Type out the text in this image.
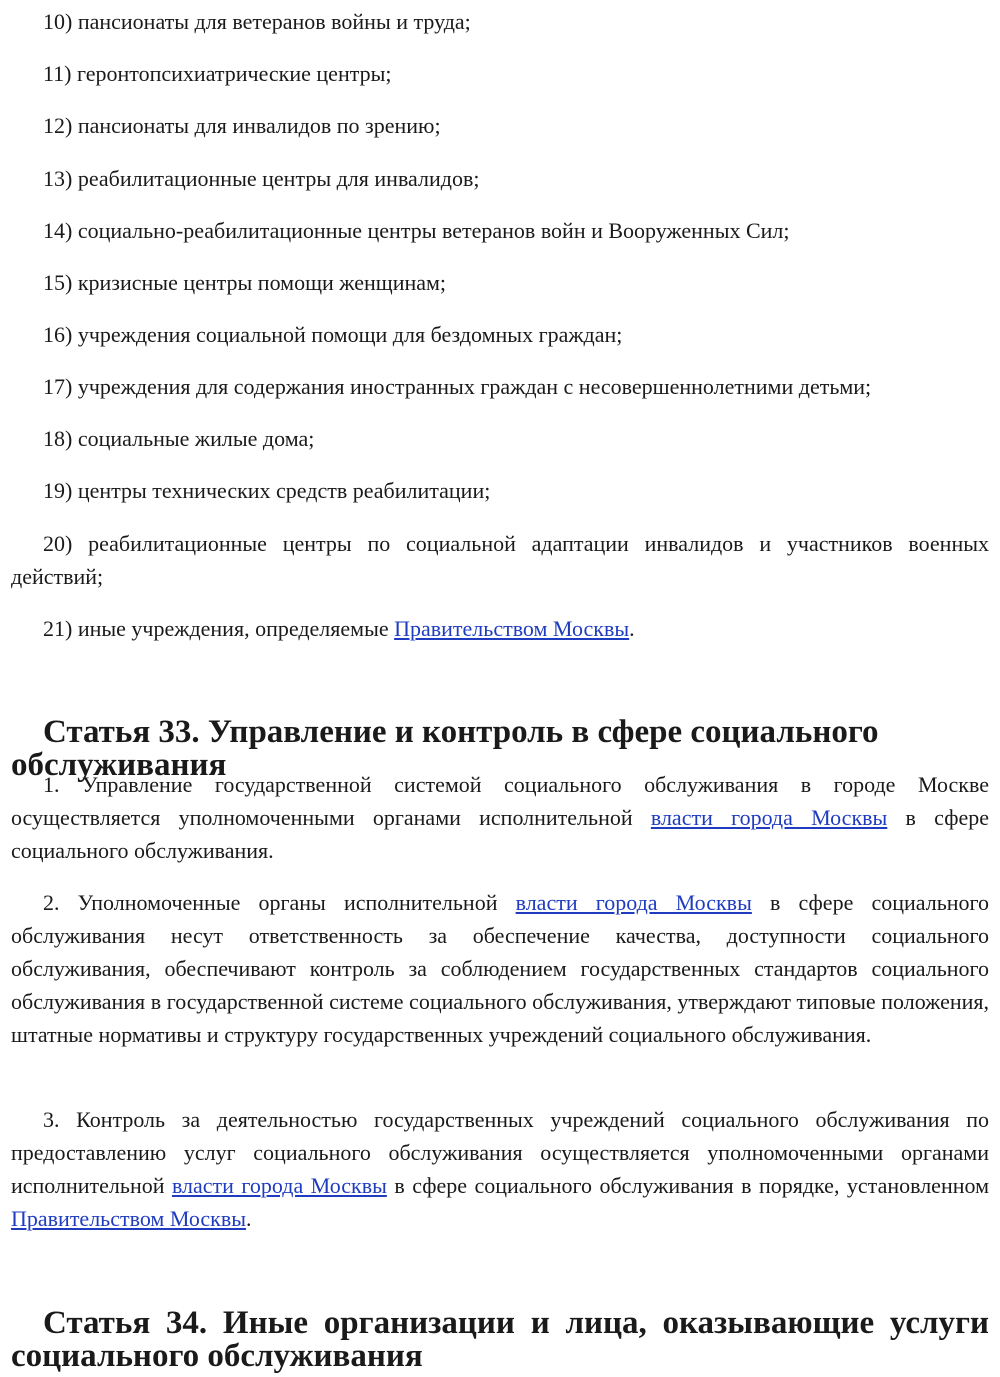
10) пансионаты для ветеранов войны и труда;

11) геронтопсихиатрические центры;

12) пансионаты для инвалидов по зрению;

13) реабилитационные центры для инвалидов;

14) социально-реабилитационные центры ветеранов войн и Вооруженных Сил;

15) кризисные центры помощи женщинам;

16) учреждения социальной помощи для бездомных граждан;

17) учреждения для содержания иностранных граждан с несовершеннолетними детьми;

18) социальные жилые дома;

19) центры технических средств реабилитации;

20) реабилитационные центры по социальной адаптации инвалидов и участников военных действий;

21) иные учреждения, определяемые Правительством Москвы.

Статья 33. Управление и контроль в сфере социального обслуживания

1. Управление государственной системой социального обслуживания в городе Москве осуществляется уполномоченными органами исполнительной власти города Москвы в сфере социального обслуживания.

2. Уполномоченные органы исполнительной власти города Москвы в сфере социального обслуживания несут ответственность за обеспечение качества, доступности социального обслуживания, обеспечивают контроль за соблюдением государственных стандартов социального обслуживания в государственной системе социального обслуживания, утверждают типовые положения, штатные нормативы и структуру государственных учреждений социального обслуживания.

3. Контроль за деятельностью государственных учреждений социального обслуживания по предоставлению услуг социального обслуживания осуществляется уполномоченными органами исполнительной власти города Москвы в сфере социального обслуживания в порядке, установленном Правительством Москвы.

Статья 34. Иные организации и лица, оказывающие услуги социального обслуживания
